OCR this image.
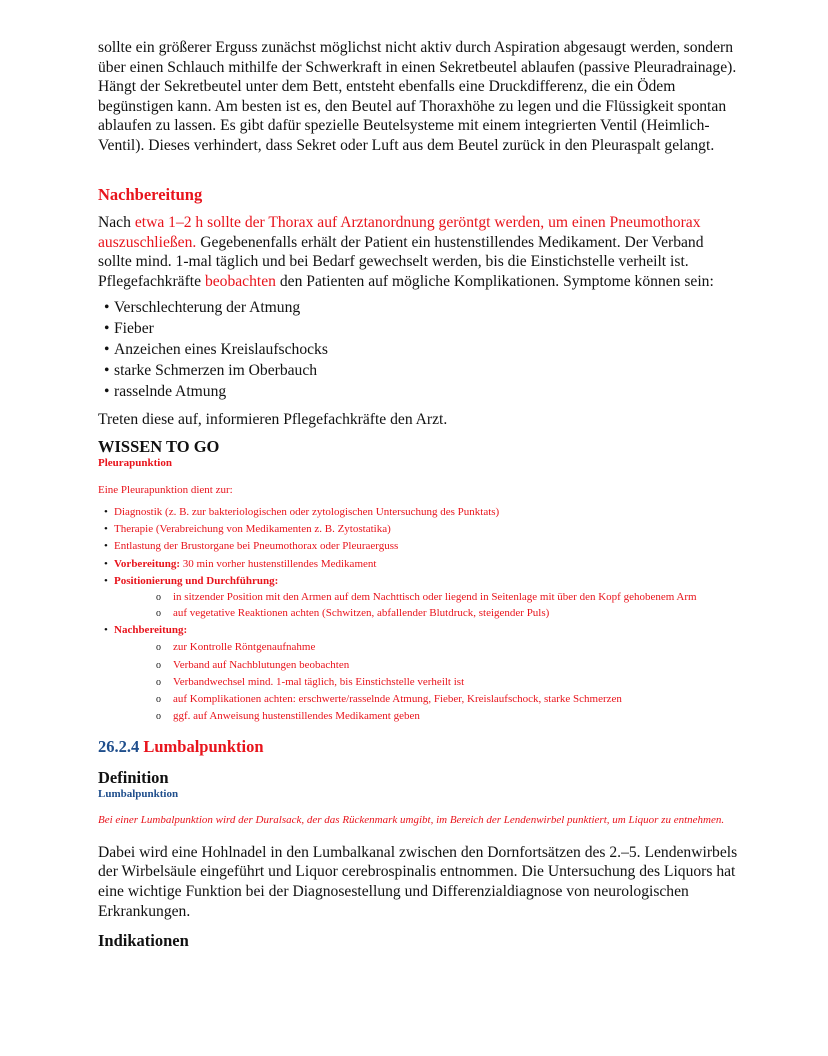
sollte ein größerer Erguss zunächst möglichst nicht aktiv durch Aspiration abgesaugt werden, sondern über einen Schlauch mithilfe der Schwerkraft in einen Sekretbeutel ablaufen (passive Pleuradrainage). Hängt der Sekretbeutel unter dem Bett, entsteht ebenfalls eine Druckdifferenz, die ein Ödem begünstigen kann. Am besten ist es, den Beutel auf Thoraxhöhe zu legen und die Flüssigkeit spontan ablaufen zu lassen. Es gibt dafür spezielle Beutelsysteme mit einem integrierten Ventil (Heimlich-Ventil). Dieses verhindert, dass Sekret oder Luft aus dem Beutel zurück in den Pleuraspalt gelangt.

Nachbereitung

Nach etwa 1–2 h sollte der Thorax auf Arztanordnung geröntgt werden, um einen Pneumothorax auszuschließen. Gegebenenfalls erhält der Patient ein hustenstillendes Medikament. Der Verband sollte mind. 1-mal täglich und bei Bedarf gewechselt werden, bis die Einstichstelle verheilt ist. Pflegefachkräfte beobachten den Patienten auf mögliche Komplikationen. Symptome können sein:

• Verschlechterung der Atmung
• Fieber
• Anzeichen eines Kreislaufschocks
• starke Schmerzen im Oberbauch
• rasselnde Atmung

Treten diese auf, informieren Pflegefachkräfte den Arzt.

WISSEN TO GO

Pleurapunktion

Eine Pleurapunktion dient zur:

• Diagnostik (z. B. zur bakteriologischen oder zytologischen Untersuchung des Punktats)
• Therapie (Verabreichung von Medikamenten z. B. Zytostatika)
• Entlastung der Brustorgane bei Pneumothorax oder Pleuraerguss
• Vorbereitung: 30 min vorher hustenstillendes Medikament
• Positionierung und Durchführung:
o in sitzender Position mit den Armen auf dem Nachttisch oder liegend in Seitenlage mit über den Kopf gehobenem Arm
o auf vegetative Reaktionen achten (Schwitzen, abfallender Blutdruck, steigender Puls)
• Nachbereitung:
o zur Kontrolle Röntgenaufnahme
o Verband auf Nachblutungen beobachten
o Verbandwechsel mind. 1-mal täglich, bis Einstichstelle verheilt ist
o auf Komplikationen achten: erschwerte/rasselnde Atmung, Fieber, Kreislaufschock, starke Schmerzen
o ggf. auf Anweisung hustenstillendes Medikament geben

26.2.4 Lumbalpunktion

Definition

Lumbalpunktion

Bei einer Lumbalpunktion wird der Duralsack, der das Rückenmark umgibt, im Bereich der Lendenwirbel punktiert, um Liquor zu entnehmen.

Dabei wird eine Hohlnadel in den Lumbalkanal zwischen den Dornfortsätzen des 2.–5. Lendenwirbels der Wirbelsäule eingeführt und Liquor cerebrospinalis entnommen. Die Untersuchung des Liquors hat eine wichtige Funktion bei der Diagnosestellung und Differenzialdiagnose von neurologischen Erkrankungen.

Indikationen
